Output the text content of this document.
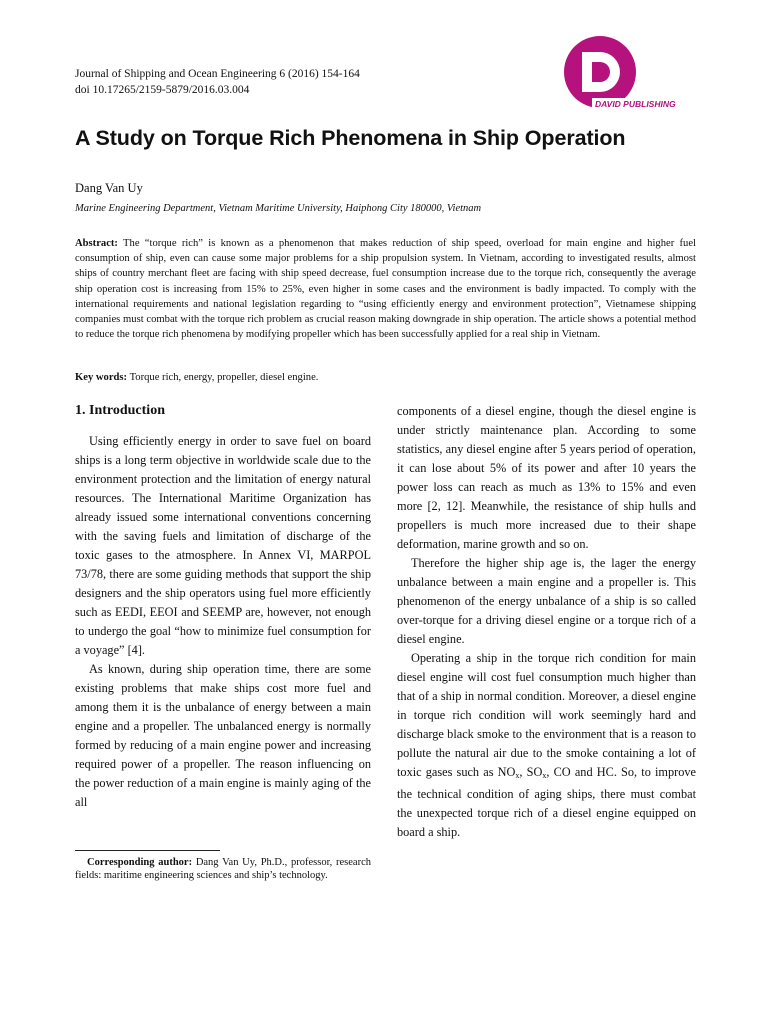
Journal of Shipping and Ocean Engineering 6 (2016) 154-164
doi 10.17265/2159-5879/2016.03.004
DAVID PUBLISHING
A Study on Torque Rich Phenomena in Ship Operation
Dang Van Uy
Marine Engineering Department, Vietnam Maritime University, Haiphong City 180000, Vietnam

Abstract: The “torque rich” is known as a phenomenon that makes reduction of ship speed, overload for main engine and higher fuel consumption of ship, even can cause some major problems for a ship propulsion system. In Vietnam, according to investigated results, almost ships of country merchant fleet are facing with ship speed decrease, fuel consumption increase due to the torque rich, consequently the average ship operation cost is increasing from 15% to 25%, even higher in some cases and the environment is badly impacted. To comply with the international requirements and national legislation regarding to “using efficiently energy and environment protection”, Vietnamese shipping companies must combat with the torque rich problem as crucial reason making downgrade in ship operation. The article shows a potential method to reduce the torque rich phenomena by modifying propeller which has been successfully applied for a real ship in Vietnam.

Key words: Torque rich, energy, propeller, diesel engine.

1. Introduction

Using efficiently energy in order to save fuel on board ships is a long term objective in worldwide scale due to the environment protection and the limitation of energy natural resources. The International Maritime Organization has already issued some international conventions concerning with the saving fuels and limitation of discharge of the toxic gases to the atmosphere. In Annex VI, MARPOL 73/78, there are some guiding methods that support the ship designers and the ship operators using fuel more efficiently such as EEDI, EEOI and SEEMP are, however, not enough to undergo the goal “how to minimize fuel consumption for a voyage” [4].

As known, during ship operation time, there are some existing problems that make ships cost more fuel and among them it is the unbalance of energy between a main engine and a propeller. The unbalanced energy is normally formed by reducing of a main engine power and increasing required power of a propeller. The reason influencing on the power reduction of a main engine is mainly aging of the all

components of a diesel engine, though the diesel engine is under strictly maintenance plan. According to some statistics, any diesel engine after 5 years period of operation, it can lose about 5% of its power and after 10 years the power loss can reach as much as 13% to 15% and even more [2, 12]. Meanwhile, the resistance of ship hulls and propellers is much more increased due to their shape deformation, marine growth and so on.

Therefore the higher ship age is, the lager the energy unbalance between a main engine and a propeller is. This phenomenon of the energy unbalance of a ship is so called over-torque for a driving diesel engine or a torque rich of a diesel engine.

Operating a ship in the torque rich condition for main diesel engine will cost fuel consumption much higher than that of a ship in normal condition. Moreover, a diesel engine in torque rich condition will work seemingly hard and discharge black smoke to the environment that is a reason to pollute the natural air due to the smoke containing a lot of toxic gases such as $NO_x$, $SO_x$, CO and HC. So, to improve the technical condition of aging ships, there must combat the unexpected torque rich of a diesel engine equipped on board a ship.

Corresponding author: Dang Van Uy, Ph.D., professor, research fields: maritime engineering sciences and ship’s technology.
